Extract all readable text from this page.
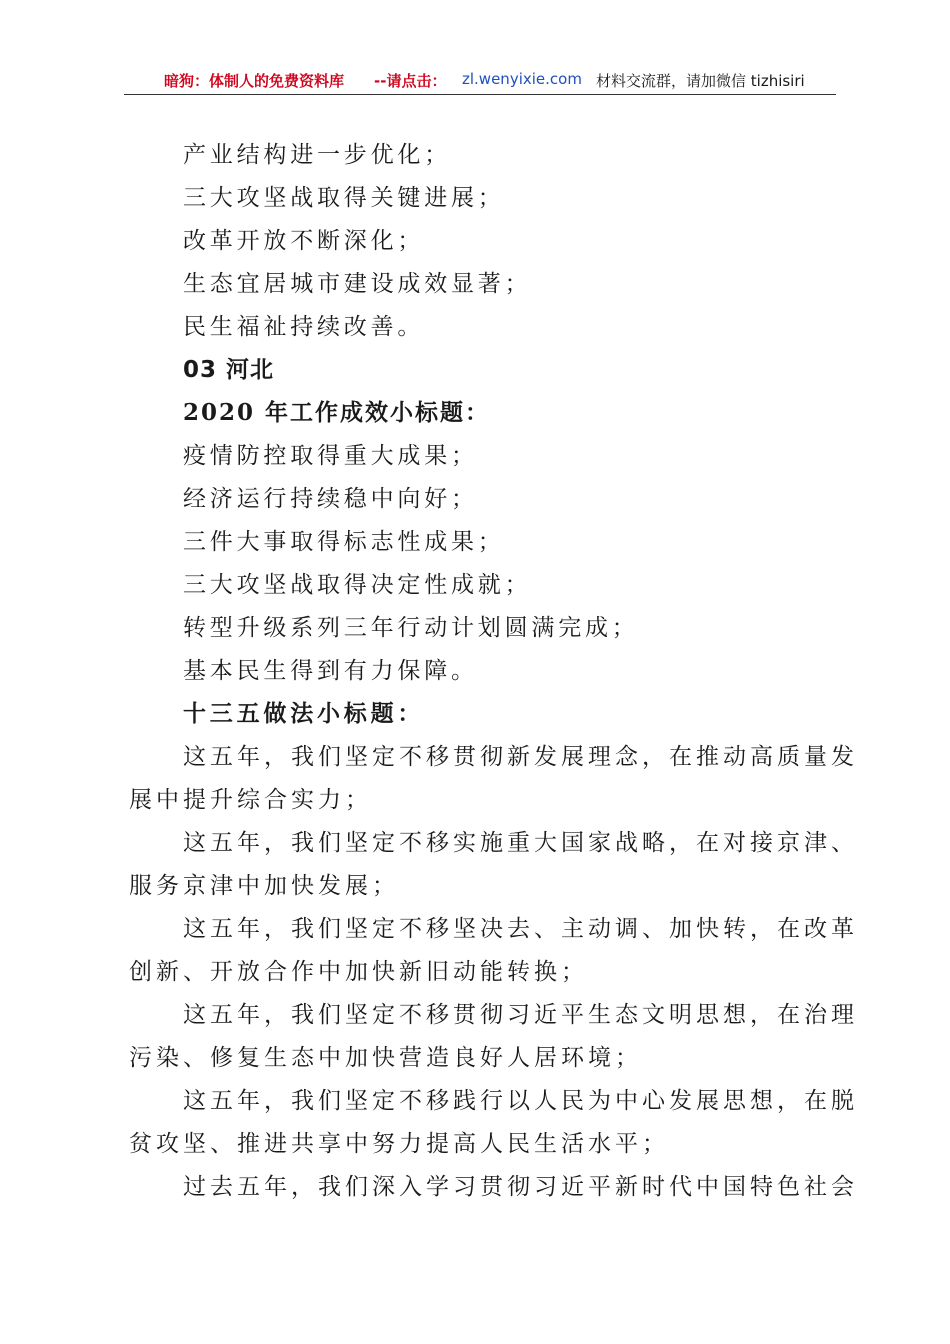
暗狗：体制人的免费资料库 --请点击： zl.wenyixie.com 材料交流群，请加微信 tizhisiri
产业结构进一步优化；
三大攻坚战取得关键进展；
改革开放不断深化；
生态宜居城市建设成效显著；
民生福祉持续改善。
03 河北
2020 年工作成效小标题：
疫情防控取得重大成果；
经济运行持续稳中向好；
三件大事取得标志性成果；
三大攻坚战取得决定性成就；
转型升级系列三年行动计划圆满完成；
基本民生得到有力保障。
十三五做法小标题：
这五年，我们坚定不移贯彻新发展理念，在推动高质量发
展中提升综合实力；
这五年，我们坚定不移实施重大国家战略，在对接京津、
服务京津中加快发展；
这五年，我们坚定不移坚决去、主动调、加快转，在改革
创新、开放合作中加快新旧动能转换；
这五年，我们坚定不移贯彻习近平生态文明思想，在治理
污染、修复生态中加快营造良好人居环境；
这五年，我们坚定不移践行以人民为中心发展思想，在脱
贫攻坚、推进共享中努力提高人民生活水平；
过去五年，我们深入学习贯彻习近平新时代中国特色社会
